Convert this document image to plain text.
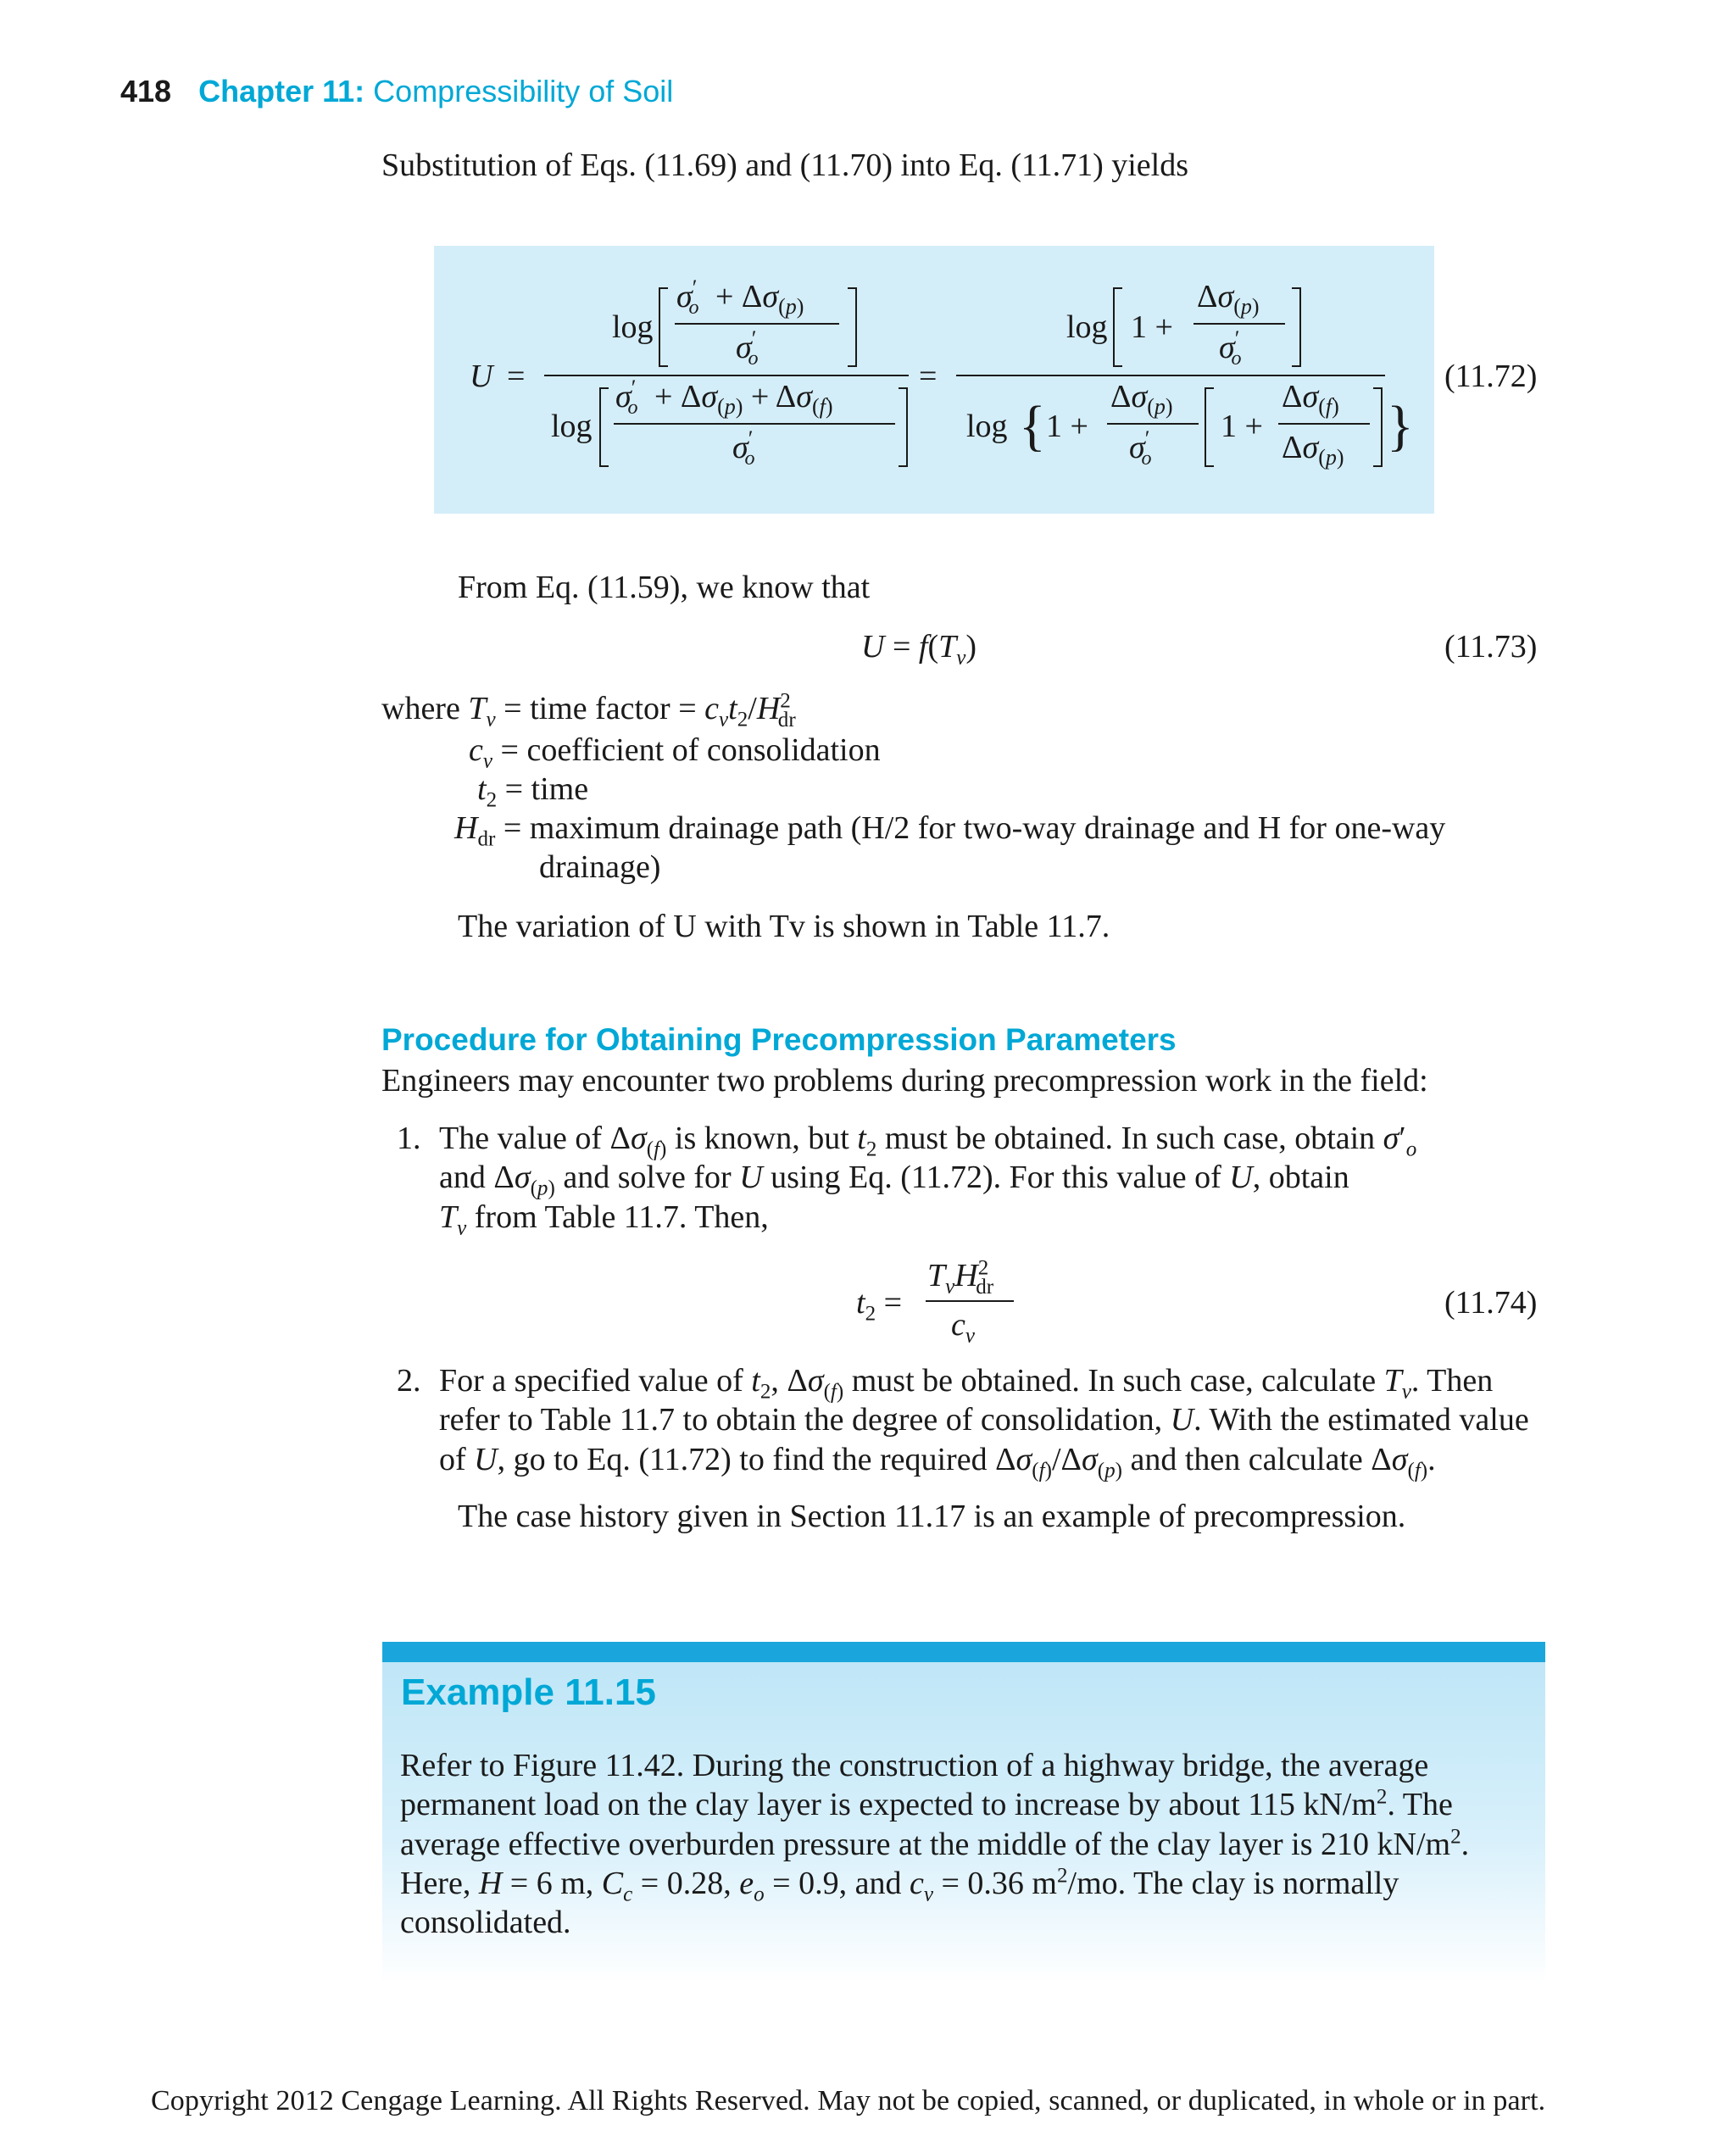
418 Chapter 11: Compressibility of Soil
Substitution of Eqs. (11.69) and (11.70) into Eq. (11.71) yields
U =
log
σ′ $o + \Delta\sigma_(p$)
σ′ o
log
σ′ $o + \Delta\sigma_(p) + \Delta\sigma_(f$)
σ′ o
=
log 1 +
$\Delta\sigma_(p$)
σ′ o
log { 1 +
$\Delta\sigma_(p$)
σ′ o
1 +
$\Delta\sigma_(f$)
$\Delta\sigma_(p$)
}
(11.72)
From Eq. (11.59), we know that
$U = f(T_v)$	(11.73)
where $T_v$ = time factor = $c_vt_2/H^2_{dr}$
$c_v$ = coefficient of consolidation
$t_2$ = time
$H_{dr}$ = maximum drainage path (H/2 for two-way drainage and H for one-way
drainage)
The variation of U with Tv is shown in Table 11.7.
Procedure for Obtaining Precompression Parameters
Engineers may encounter two problems during precompression work in the field:
1. The value of $\Delta\sigma_{(f)}$ is known, but $t_2$ must be obtained. In such case, obtain $\sigma'_o$
and $\Delta\sigma_{(p)}$ and solve for U using Eq. (11.72). For this value of U, obtain
$T_v$ from Table 11.7. Then,
$t_2$ =
$T_vH^2_{dr}$
$c_v$
(11.74)
2. For a specified value of $t_2$, $\Delta\sigma_{(f)}$ must be obtained. In such case, calculate $T_v$. Then
refer to Table 11.7 to obtain the degree of consolidation, U. With the estimated value
of U, go to Eq. (11.72) to find the required $\Delta\sigma_{(f)}/\Delta\sigma_{(p)}$ and then calculate $\Delta\sigma_{(f)}$.
The case history given in Section 11.17 is an example of precompression.
Example 11.15
Refer to Figure 11.42. During the construction of a highway bridge, the average
permanent load on the clay layer is expected to increase by about 115 $kN/m^2$. The
average effective overburden pressure at the middle of the clay layer is 210 $kN/m^2$.
Here, H = 6 m, $C_c = 0.28$, $e_o = 0.9$, and $c_v = 0.36$ $m^2/mo$. The clay is normally
consolidated.
Copyright 2012 Cengage Learning. All Rights Reserved. May not be copied, scanned, or duplicated, in whole or in part.
